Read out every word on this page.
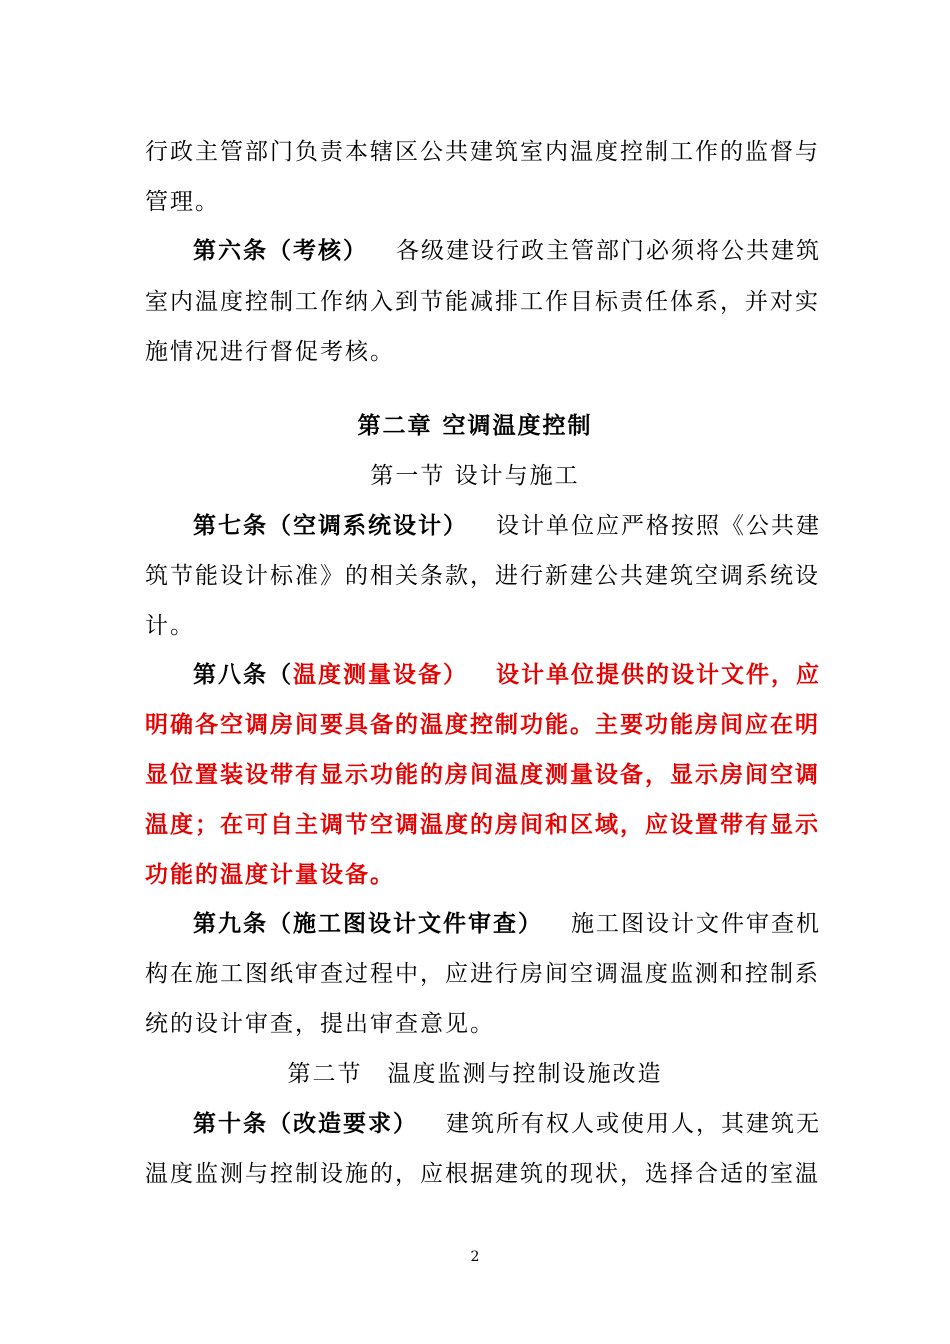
行政主管部门负责本辖区公共建筑室内温度控制工作的监督与
管理。
第六条（考核） 各级建设行政主管部门必须将公共建筑
室内温度控制工作纳入到节能减排工作目标责任体系，并对实
施情况进行督促考核。
第二章 空调温度控制
第一节 设计与施工
第七条（空调系统设计） 设计单位应严格按照《公共建
筑节能设计标准》的相关条款，进行新建公共建筑空调系统设
计。
第八条（温度测量设备） 设计单位提供的设计文件，应
明确各空调房间要具备的温度控制功能。主要功能房间应在明
显位置装设带有显示功能的房间温度测量设备，显示房间空调
温度；在可自主调节空调温度的房间和区域，应设置带有显示
功能的温度计量设备。
第九条（施工图设计文件审查） 施工图设计文件审查机
构在施工图纸审查过程中，应进行房间空调温度监测和控制系
统的设计审查，提出审查意见。
第二节　温度监测与控制设施改造
第十条（改造要求） 建筑所有权人或使用人，其建筑无
温度监测与控制设施的，应根据建筑的现状，选择合适的室温
2
